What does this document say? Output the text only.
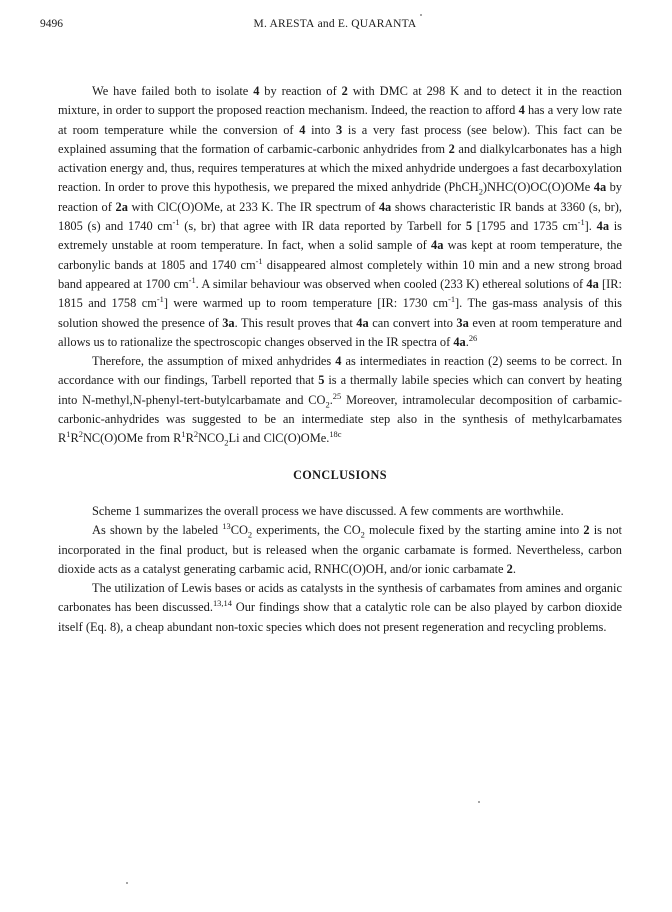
9496	M. ARESTA and E. QUARANTA

We have failed both to isolate 4 by reaction of 2 with DMC at 298 K and to detect it in the reaction mixture, in order to support the proposed reaction mechanism. Indeed, the reaction to afford 4 has a very low rate at room temperature while the conversion of 4 into 3 is a very fast process (see below). This fact can be explained assuming that the formation of carbamic-carbonic anhydrides from 2 and dialkylcarbonates has a high activation energy and, thus, requires temperatures at which the mixed anhydride undergoes a fast decarboxylation reaction. In order to prove this hypothesis, we prepared the mixed anhydride (PhCH$_2$)NHC(O)OC(O)OMe 4a by reaction of 2a with ClC(O)OMe, at 233 K. The IR spectrum of 4a shows characteristic IR bands at 3360 (s, br), 1805 (s) and 1740 $cm^{-1}$ (s, br) that agree with IR data reported by Tarbell for 5 [1795 and 1735 $cm^{-1}$]. 4a is extremely unstable at room temperature. In fact, when a solid sample of 4a was kept at room temperature, the carbonylic bands at 1805 and 1740 $cm^{-1}$ disappeared almost completely within 10 min and a new strong broad band appeared at 1700 $cm^{-1}$. A similar behaviour was observed when cooled (233 K) ethereal solutions of 4a [IR: 1815 and 1758 $cm^{-1}$] were warmed up to room temperature [IR: 1730 $cm^{-1}$]. The gas-mass analysis of this solution showed the presence of 3a. This result proves that 4a can convert into 3a even at room temperature and allows us to rationalize the spectroscopic changes observed in the IR spectra of 4a.$^{26}$

Therefore, the assumption of mixed anhydrides 4 as intermediates in reaction (2) seems to be correct. In accordance with our findings, Tarbell reported that 5 is a thermally labile species which can convert by heating into N-methyl,N-phenyl-tert-butylcarbamate and $CO_2.^{25}$ Moreover, intramolecular decomposition of carbamic-carbonic-anhydrides was suggested to be an intermediate step also in the synthesis of methylcarbamates $R^1R^2NC(O)OMe$ from $R^1R^2NCO_2Li$ and ClC(O)OMe.$^{18c}$

CONCLUSIONS

Scheme 1 summarizes the overall process we have discussed. A few comments are worthwhile.

As shown by the labeled $^{13}CO_2$ experiments, the $CO_2$ molecule fixed by the starting amine into 2 is not incorporated in the final product, but is released when the organic carbamate is formed. Nevertheless, carbon dioxide acts as a catalyst generating carbamic acid, RNHC(O)OH, and/or ionic carbamate 2.

The utilization of Lewis bases or acids as catalysts in the synthesis of carbamates from amines and organic carbonates has been discussed.$^{13,14}$ Our findings show that a catalytic role can be also played by carbon dioxide itself (Eq. 8), a cheap abundant non-toxic species which does not present regeneration and recycling problems.
